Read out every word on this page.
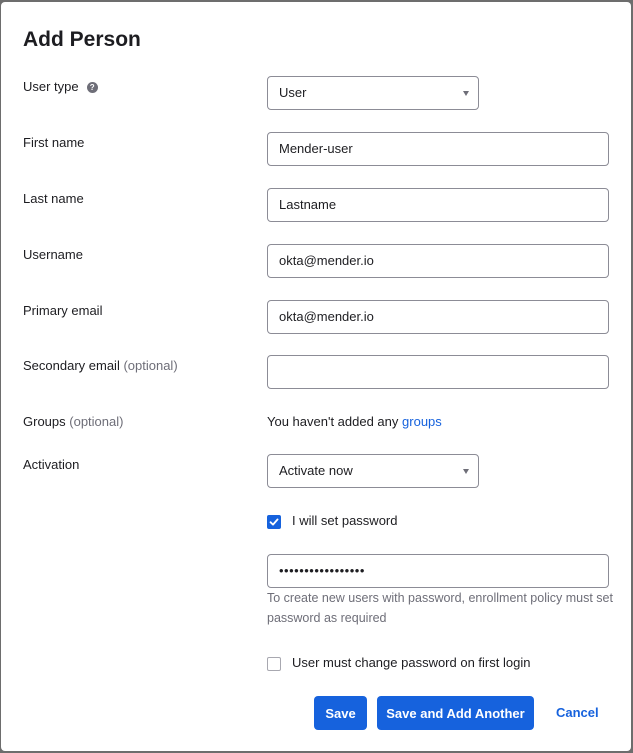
Add Person
User type ?	User
First name	Mender-user
Last name	Lastname
Username	okta@mender.io
Primary email	okta@mender.io
Secondary email (optional)
Groups (optional)	You haven't added any groups
Activation	Activate now
I will set password
•••••••••••••••••
To create new users with password, enrollment policy must set password as required
User must change password on first login
Save	Save and Add Another	Cancel
